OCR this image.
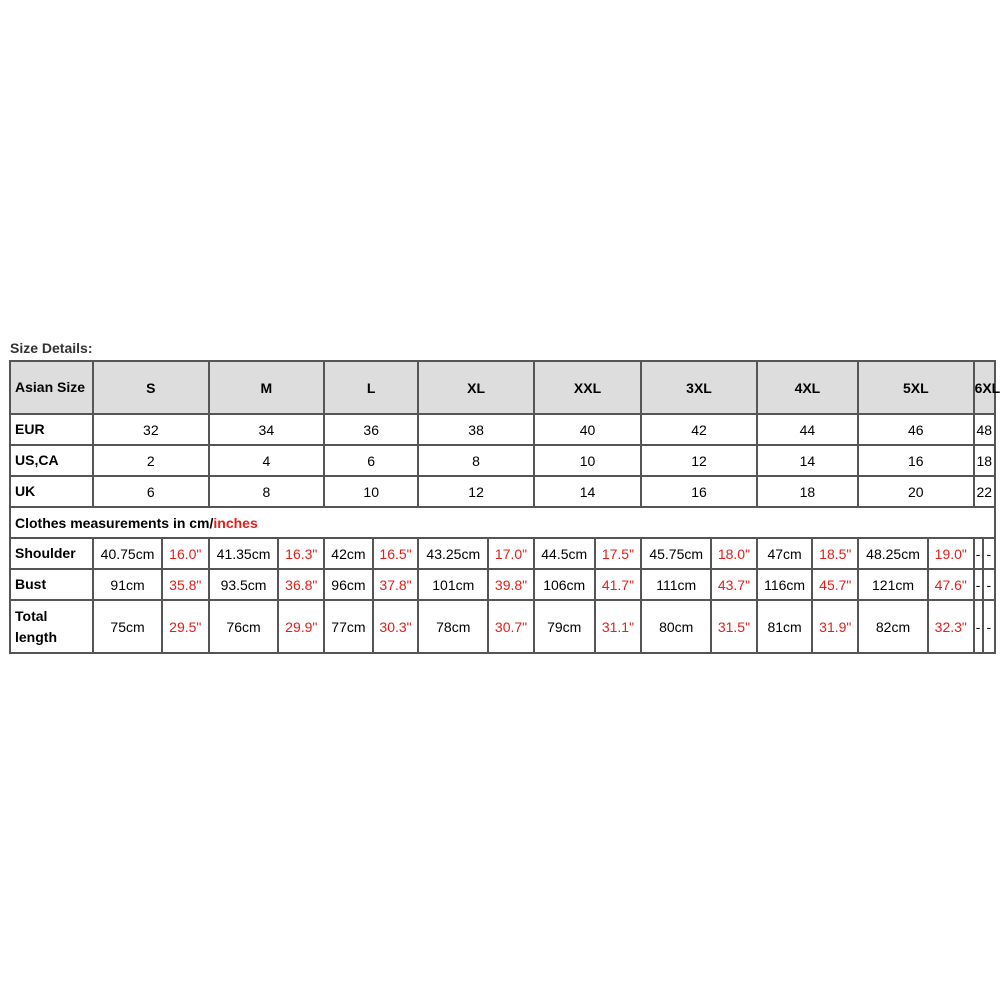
Size Details:
Asian Size	S		M		L		XL		XXL		3XL		4XL		5XL		6XL	
EUR	32		34		36		38		40		42		44		46		48	
US,CA	2		4		6		8		10		12		14		16		18	
UK	6		8		10		12		14		16		18		20		22	
Clothes measurements in cm/inches																		
Shoulder	40.75cm	16.0"	41.35cm	16.3"	42cm	16.5"	43.25cm	17.0"	44.5cm	17.5"	45.75cm	18.0"	47cm	18.5"	48.25cm	19.0"	-	-
Bust	91cm	35.8"	93.5cm	36.8"	96cm	37.8"	101cm	39.8"	106cm	41.7"	111cm	43.7"	116cm	45.7"	121cm	47.6"	-	-
Total length	75cm	29.5"	76cm	29.9"	77cm	30.3"	78cm	30.7"	79cm	31.1"	80cm	31.5"	81cm	31.9"	82cm	32.3"	-	-
